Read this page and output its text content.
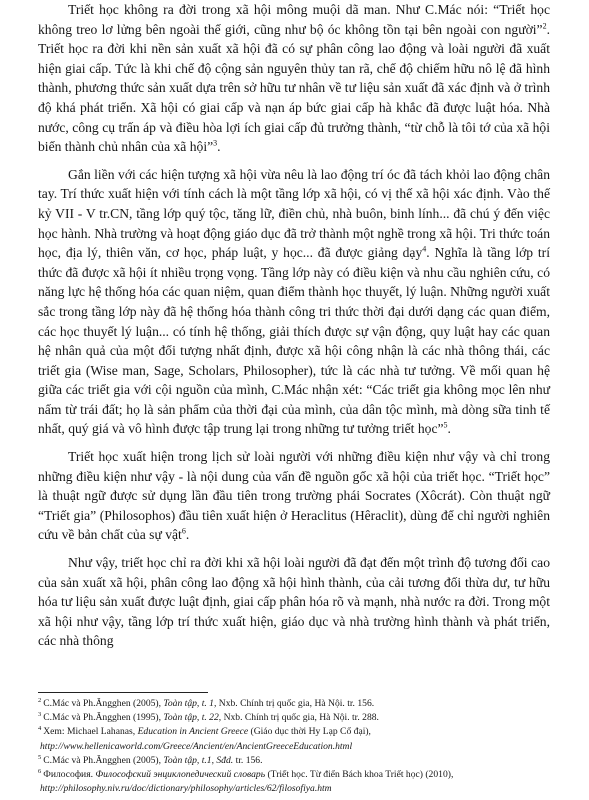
Triết học không ra đời trong xã hội mông muội dã man. Như C.Mác nói: “Triết học không treo lơ lửng bên ngoài thế giới, cũng như bộ óc không tồn tại bên ngoài con người”$^2$. Triết học ra đời khi nền sản xuất xã hội đã có sự phân công lao động và loài người đã xuất hiện giai cấp. Tức là khi chế độ cộng sản nguyên thủy tan rã, chế độ chiếm hữu nô lệ đã hình thành, phương thức sản xuất dựa trên sở hữu tư nhân về tư liệu sản xuất đã xác định và ở trình độ khá phát triển. Xã hội có giai cấp và nạn áp bức giai cấp hà khắc đã được luật hóa. Nhà nước, công cụ trấn áp và điều hòa lợi ích giai cấp đủ trưởng thành, “từ chỗ là tôi tớ của xã hội biến thành chủ nhân của xã hội”$^3$.

Gắn liền với các hiện tượng xã hội vừa nêu là lao động trí óc đã tách khỏi lao động chân tay. Trí thức xuất hiện với tính cách là một tầng lớp xã hội, có vị thế xã hội xác định. Vào thế kỷ VII - V tr.CN, tầng lớp quý tộc, tăng lữ, điền chủ, nhà buôn, binh lính... đã chú ý đến việc học hành. Nhà trường và hoạt động giáo dục đã trở thành một nghề trong xã hội. Tri thức toán học, địa lý, thiên văn, cơ học, pháp luật, y học... đã được giảng dạy$^4$. Nghĩa là tầng lớp trí thức đã được xã hội ít nhiều trọng vọng. Tầng lớp này có điều kiện và nhu cầu nghiên cứu, có năng lực hệ thống hóa các quan niệm, quan điểm thành học thuyết, lý luận. Những người xuất sắc trong tầng lớp này đã hệ thống hóa thành công tri thức thời đại dưới dạng các quan điểm, các học thuyết lý luận... có tính hệ thống, giải thích được sự vận động, quy luật hay các quan hệ nhân quả của một đối tượng nhất định, được xã hội công nhận là các nhà thông thái, các triết gia (Wise man, Sage, Scholars, Philosopher), tức là các nhà tư tưởng. Về mối quan hệ giữa các triết gia với cội nguồn của mình, C.Mác nhận xét: “Các triết gia không mọc lên như nấm từ trái đất; họ là sản phẩm của thời đại của mình, của dân tộc mình, mà dòng sữa tinh tế nhất, quý giá và vô hình được tập trung lại trong những tư tưởng triết học”$^5$.

Triết học xuất hiện trong lịch sử loài người với những điều kiện như vậy và chỉ trong những điều kiện như vậy - là nội dung của vấn đề nguồn gốc xã hội của triết học. “Triết học” là thuật ngữ được sử dụng lần đầu tiên trong trường phái Socrates (Xôcrát). Còn thuật ngữ “Triết gia” (Philosophos) đầu tiên xuất hiện ở Heraclitus (Hêraclit), dùng để chỉ người nghiên cứu về bản chất của sự vật$^6$.

Như vậy, triết học chỉ ra đời khi xã hội loài người đã đạt đến một trình độ tương đối cao của sản xuất xã hội, phân công lao động xã hội hình thành, của cải tương đối thừa dư, tư hữu hóa tư liệu sản xuất được luật định, giai cấp phân hóa rõ và mạnh, nhà nước ra đời. Trong một xã hội như vậy, tầng lớp trí thức xuất hiện, giáo dục và nhà trường hình thành và phát triển, các nhà thông

$^2$ C.Mác và Ph.Ăngghen (2005), Toàn tập, t. 1, Nxb. Chính trị quốc gia, Hà Nội. tr. 156.

$^3$ C.Mác và Ph.Ăngghen (1995), Toàn tập, t. 22, Nxb. Chính trị quốc gia, Hà Nội. tr. 288.

$^4$ Xem: Michael Lahanas, Education in Ancient Greece (Giáo dục thời Hy Lạp Cổ đại),

http://www.hellenicaworld.com/Greece/Ancient/en/AncientGreeceEducation.html

$^5$ C.Mác và Ph.Ăngghen (2005), Toàn tập, t.1, Sđd. tr. 156.

$^6$ Философия. Философский энциклопедический словарь (Triết học. Từ điển Bách khoa Triết học) (2010),

http://philosophy.niv.ru/doc/dictionary/philosophy/articles/62/filosofiya.htm
